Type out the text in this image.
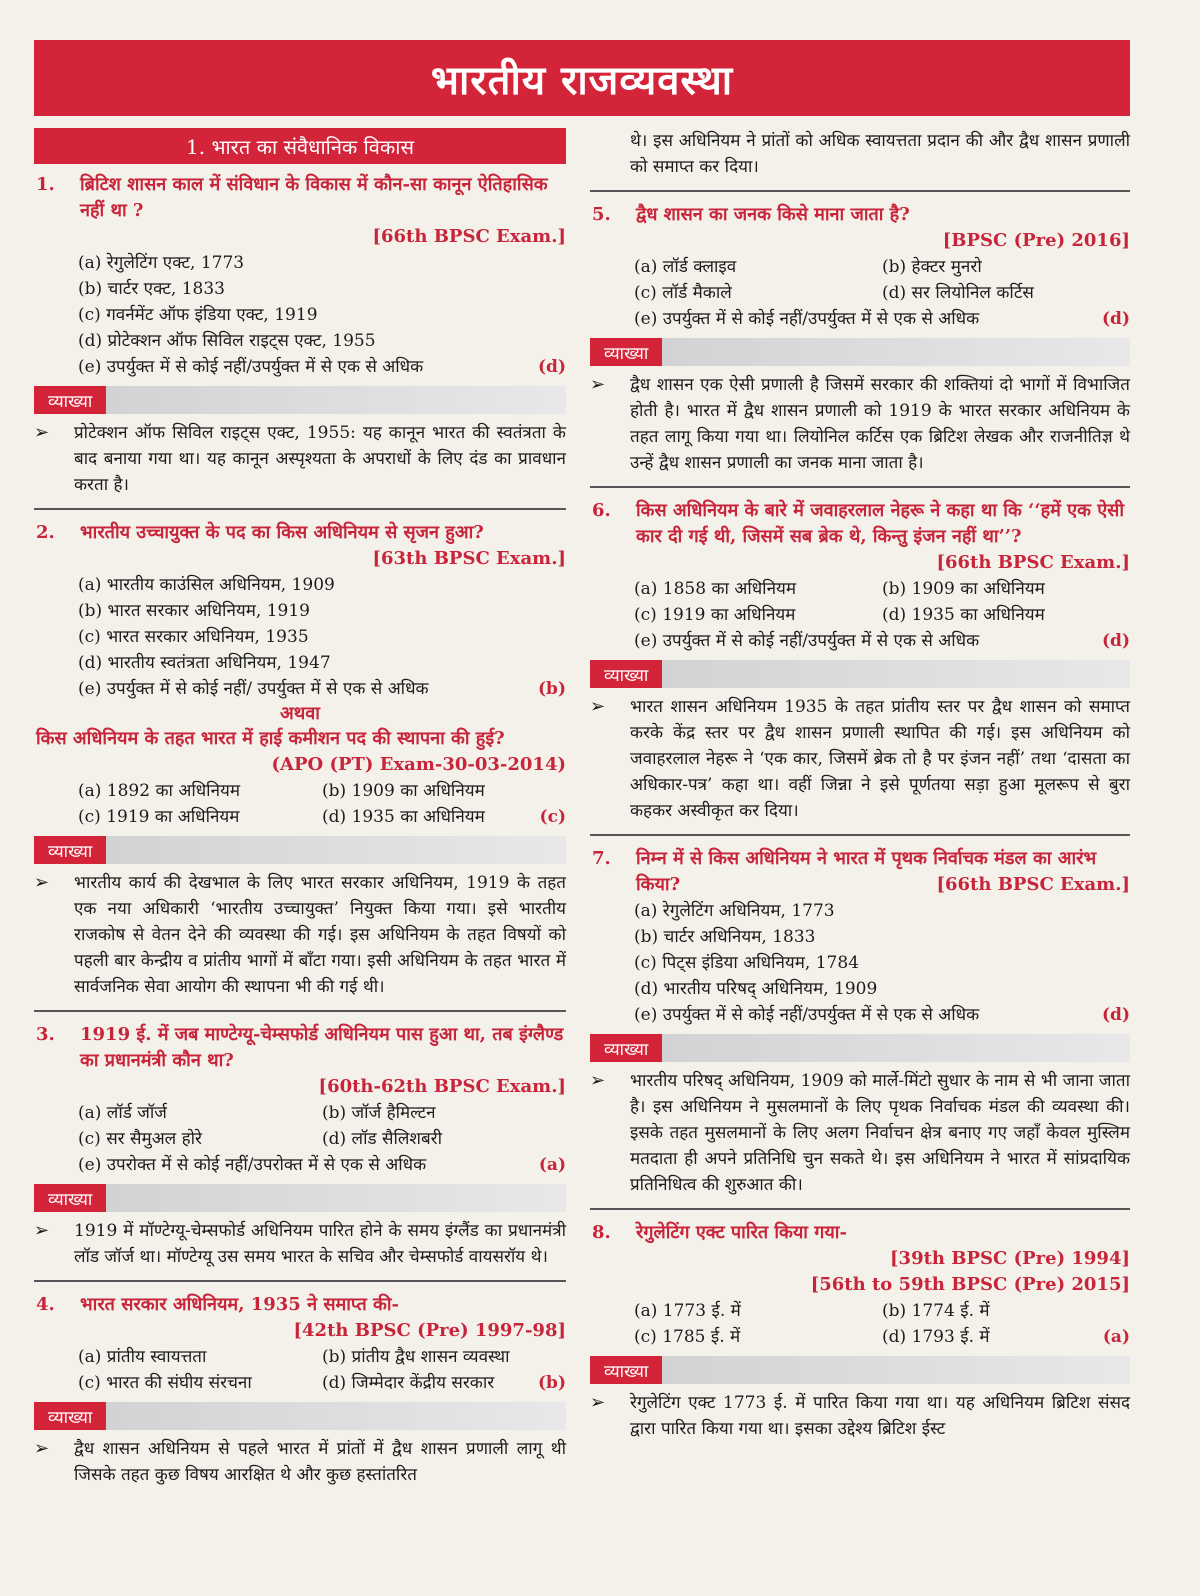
भारतीय राजव्यवस्था
1. भारत का संवैधानिक विकास
1.	ब्रिटिश शासन काल में संविधान के विकास में कौन-सा कानून ऐतिहासिक नहीं था ?
[66th BPSC Exam.]
(a) रेगुलेटिंग एक्ट, 1773
(b) चार्टर एक्ट, 1833
(c) गवर्नमेंट ऑफ इंडिया एक्ट, 1919
(d) प्रोटेक्शन ऑफ सिविल राइट्स एक्ट, 1955
(e) उपर्युक्त में से कोई नहीं/उपर्युक्त में से एक से अधिक	(d)
व्याख्या
➢	प्रोटेक्शन ऑफ सिविल राइट्स एक्ट, 1955: यह कानून भारत की स्वतंत्रता के बाद बनाया गया था। यह कानून अस्पृश्यता के अपराधों के लिए दंड का प्रावधान करता है।
2.	भारतीय उच्चायुक्त के पद का किस अधिनियम से सृजन हुआ?
[63th BPSC Exam.]
(a) भारतीय काउंसिल अधिनियम, 1909
(b) भारत सरकार अधिनियम, 1919
(c) भारत सरकार अधिनियम, 1935
(d) भारतीय स्वतंत्रता अधिनियम, 1947
(e) उपर्युक्त में से कोई नहीं/ उपर्युक्त में से एक से अधिक	(b)
अथवा
किस अधिनियम के तहत भारत में हाई कमीशन पद की स्थापना की हुई?
(APO (PT) Exam-30-03-2014)
(a) 1892 का अधिनियम	(b) 1909 का अधिनियम
(c) 1919 का अधिनियम	(d) 1935 का अधिनियम	(c)
व्याख्या
➢	भारतीय कार्य की देखभाल के लिए भारत सरकार अधिनियम, 1919 के तहत एक नया अधिकारी ‘भारतीय उच्चायुक्त’ नियुक्त किया गया। इसे भारतीय राजकोष से वेतन देने की व्यवस्था की गई। इस अधिनियम के तहत विषयों को पहली बार केन्द्रीय व प्रांतीय भागों में बाँटा गया। इसी अधिनियम के तहत भारत में सार्वजनिक सेवा आयोग की स्थापना भी की गई थी।
3.	1919 ई. में जब माण्टेग्यू-चेम्सफोर्ड अधिनियम पास हुआ था, तब इंग्लैण्ड का प्रधानमंत्री कौन था?
[60th-62th BPSC Exam.]
(a) लॉर्ड जॉर्ज	(b) जॉर्ज हैमिल्टन
(c) सर सैमुअल होरे	(d) लॉड सैलिशबरी
(e) उपरोक्त में से कोई नहीं/उपरोक्त में से एक से अधिक	(a)
व्याख्या
➢	1919 में मॉण्टेग्यू-चेम्सफोर्ड अधिनियम पारित होने के समय इंग्लैंड का प्रधानमंत्री लॉड जॉर्ज था। मॉण्टेग्यू उस समय भारत के सचिव और चेम्सफोर्ड वायसरॉय थे।
4.	भारत सरकार अधिनियम, 1935 ने समाप्त की-
[42th BPSC (Pre) 1997-98]
(a) प्रांतीय स्वायत्तता	(b) प्रांतीय द्वैध शासन व्यवस्था
(c) भारत की संघीय संरचना	(d) जिम्मेदार केंद्रीय सरकार	(b)
व्याख्या
➢	द्वैध शासन अधिनियम से पहले भारत में प्रांतों में द्वैध शासन प्रणाली लागू थी जिसके तहत कुछ विषय आरक्षित थे और कुछ हस्तांतरित
थे। इस अधिनियम ने प्रांतों को अधिक स्वायत्तता प्रदान की और द्वैध शासन प्रणाली को समाप्त कर दिया।
5.	द्वैध शासन का जनक किसे माना जाता है?
[BPSC (Pre) 2016]
(a) लॉर्ड क्लाइव	(b) हेक्टर मुनरो
(c) लॉर्ड मैकाले	(d) सर लियोनिल कर्टिस
(e) उपर्युक्त में से कोई नहीं/उपर्युक्त में से एक से अधिक	(d)
व्याख्या
➢	द्वैध शासन एक ऐसी प्रणाली है जिसमें सरकार की शक्तियां दो भागों में विभाजित होती है। भारत में द्वैध शासन प्रणाली को 1919 के भारत सरकार अधिनियम के तहत लागू किया गया था। लियोनिल कर्टिस एक ब्रिटिश लेखक और राजनीतिज्ञ थे उन्हें द्वैध शासन प्रणाली का जनक माना जाता है।
6.	किस अधिनियम के बारे में जवाहरलाल नेहरू ने कहा था कि ‘‘हमें एक ऐसी कार दी गई थी, जिसमें सब ब्रेक थे, किन्तु इंजन नहीं था’’?
[66th BPSC Exam.]
(a) 1858 का अधिनियम	(b) 1909 का अधिनियम
(c) 1919 का अधिनियम	(d) 1935 का अधिनियम
(e) उपर्युक्त में से कोई नहीं/उपर्युक्त में से एक से अधिक	(d)
व्याख्या
➢	भारत शासन अधिनियम 1935 के तहत प्रांतीय स्तर पर द्वैध शासन को समाप्त करके केंद्र स्तर पर द्वैध शासन प्रणाली स्थापित की गई। इस अधिनियम को जवाहरलाल नेहरू ने ‘एक कार, जिसमें ब्रेक तो है पर इंजन नहीं’ तथा ‘दासता का अधिकार-पत्र’ कहा था। वहीं जिन्ना ने इसे पूर्णतया सड़ा हुआ मूलरूप से बुरा कहकर अस्वीकृत कर दिया।
7.	निम्न में से किस अधिनियम ने भारत में पृथक निर्वाचक मंडल का आरंभ किया?	[66th BPSC Exam.]
(a) रेगुलेटिंग अधिनियम, 1773
(b) चार्टर अधिनियम, 1833
(c) पिट्स इंडिया अधिनियम, 1784
(d) भारतीय परिषद् अधिनियम, 1909
(e) उपर्युक्त में से कोई नहीं/उपर्युक्त में से एक से अधिक	(d)
व्याख्या
➢	भारतीय परिषद् अधिनियम, 1909 को मार्ले-मिंटो सुधार के नाम से भी जाना जाता है। इस अधिनियम ने मुसलमानों के लिए पृथक निर्वाचक मंडल की व्यवस्था की। इसके तहत मुसलमानों के लिए अलग निर्वाचन क्षेत्र बनाए गए जहाँ केवल मुस्लिम मतदाता ही अपने प्रतिनिधि चुन सकते थे। इस अधिनियम ने भारत में सांप्रदायिक प्रतिनिधित्व की शुरुआत की।
8.	रेगुलेटिंग एक्ट पारित किया गया-
[39th BPSC (Pre) 1994]
[56th to 59th BPSC (Pre) 2015]
(a) 1773 ई. में	(b) 1774 ई. में
(c) 1785 ई. में	(d) 1793 ई. में	(a)
व्याख्या
➢	रेगुलेटिंग एक्ट 1773 ई. में पारित किया गया था। यह अधिनियम ब्रिटिश संसद द्वारा पारित किया गया था। इसका उद्देश्य ब्रिटिश ईस्ट
